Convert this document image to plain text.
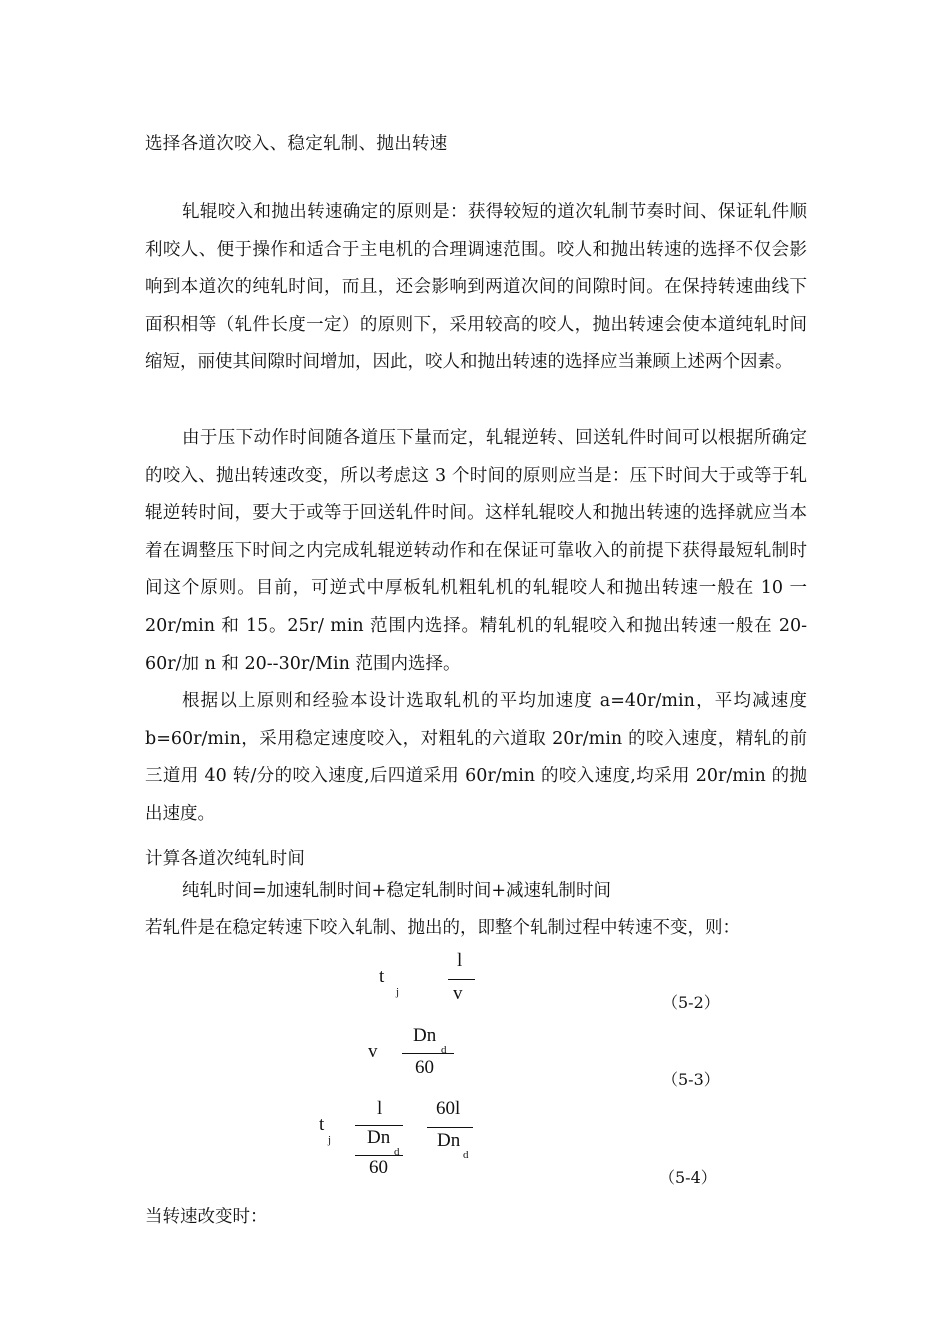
选择各道次咬入、稳定轧制、抛出转速

轧辊咬入和抛出转速确定的原则是：获得较短的道次轧制节奏时间、保证轧件顺利咬人、便于操作和适合于主电机的合理调速范围。咬人和抛出转速的选择不仅会影响到本道次的纯轧时间，而且，还会影响到两道次间的间隙时间。在保持转速曲线下面积相等（轧件长度一定）的原则下，采用较高的咬人，抛出转速会使本道纯轧时间缩短，丽使其间隙时间增加，因此，咬人和抛出转速的选择应当兼顾上述两个因素。

由于压下动作时间随各道压下量而定，轧辊逆转、回送轧件时间可以根据所确定的咬入、抛出转速改变，所以考虑这 3 个时间的原则应当是：压下时间大于或等于轧辊逆转时间，要大于或等于回送轧件时间。这样轧辊咬人和抛出转速的选择就应当本着在调整压下时间之内完成轧辊逆转动作和在保证可靠收入的前提下获得最短轧制时间这个原则。目前，可逆式中厚板轧机粗轧机的轧辊咬人和抛出转速一般在 10 一 20r/min 和 15。25r/ min 范围内选择。精轧机的轧辊咬入和抛出转速一般在 20-60r/加 n 和 20--30r/Min 范围内选择。

根据以上原则和经验本设计选取轧机的平均加速度 a=40r/min，平均减速度 b=60r/min，采用稳定速度咬入，对粗轧的六道取 20r/min 的咬入速度，精轧的前三道用 40 转/分的咬入速度,后四道采用 60r/min 的咬入速度,均采用 20r/min 的抛出速度。

计算各道次纯轧时间
纯轧时间=加速轧制时间+稳定轧制时间+减速轧制时间
若轧件是在稳定转速下咬入轧制、抛出的，即整个轧制过程中转速不变，则：
t
j
l
v	（5-2）
v
Dn
d
60
（5-3）
t
j
l
Dn
d
60
60l
Dn
d
（5-4）
当转速改变时：
